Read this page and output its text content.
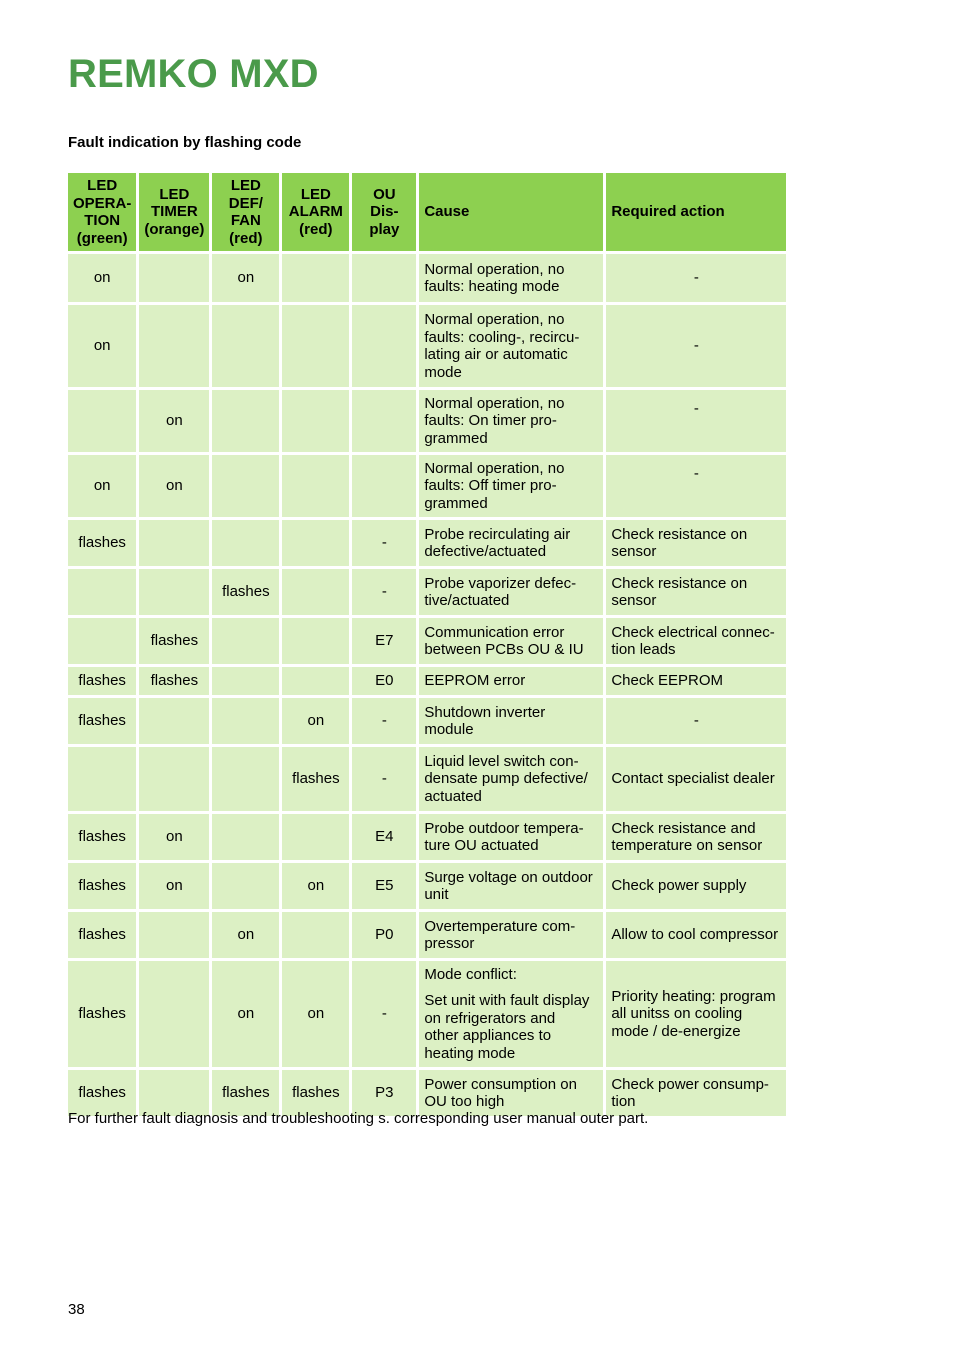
REMKO MXD
Fault indication by flashing code
LED
OPERA-
TION
(green)	LED
TIMER
(orange)	LED
DEF/
FAN
(red)	LED
ALARM
(red)	OU Dis-
play	Cause	Required action
on		on			Normal operation, no
faults: heating mode	-
on					Normal operation, no
faults: cooling-, recircu-
lating air or automatic
mode	-
	on				Normal operation, no
faults: On timer pro-
grammed	-
on	on				Normal operation, no
faults: Off timer pro-
grammed	-
flashes				-	Probe recirculating air
defective/actuated	Check resistance on
sensor
		flashes		-	Probe vaporizer defec-
tive/actuated	Check resistance on
sensor
	flashes			E7	Communication error
between PCBs OU & IU	Check electrical connec-
tion leads
flashes	flashes			E0	EEPROM error	Check EEPROM
flashes			on	-	Shutdown inverter
module	-
			flashes	-	Liquid level switch con-
densate pump defective/
actuated	Contact specialist dealer
flashes	on			E4	Probe outdoor tempera-
ture OU actuated	Check resistance and
temperature on sensor
flashes	on		on	E5	Surge voltage on outdoor
unit	Check power supply
flashes		on		P0	Overtemperature com-
pressor	Allow to cool compressor
flashes		on	on	-	Mode conflict:
Set unit with fault display
on refrigerators and
other appliances to
heating mode	Priority heating: program
all unitss on cooling
mode / de-energize
flashes		flashes	flashes	P3	Power consumption on
OU too high	Check power consump-
tion

For further fault diagnosis and troubleshooting s. corresponding user manual outer part.

38
